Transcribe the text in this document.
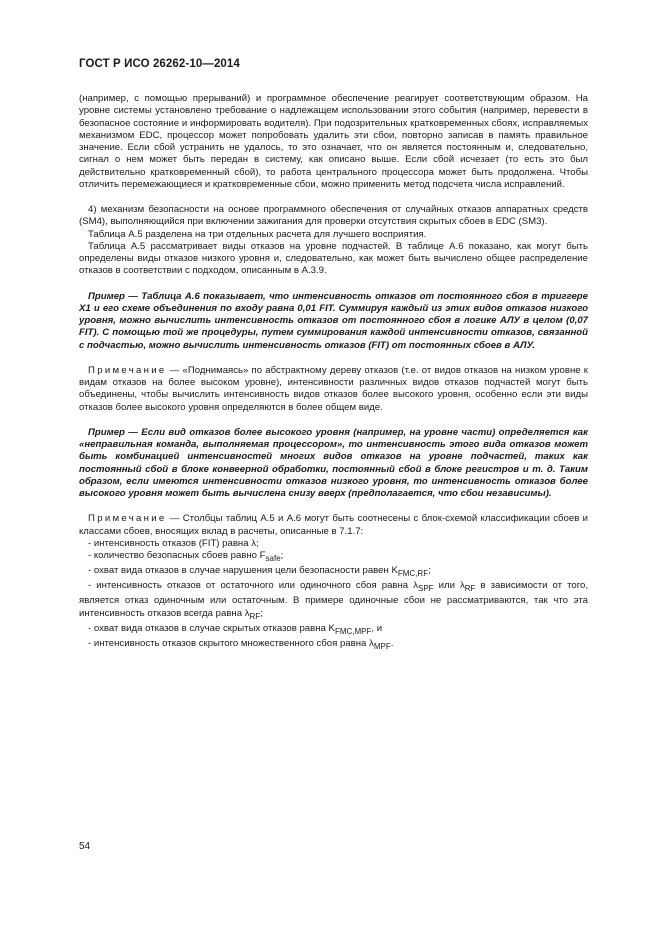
ГОСТ Р ИСО 26262-10—2014

(например, с помощью прерываний) и программное обеспечение реагирует соответствующим образом. На уровне системы установлено требование о надлежащем использовании этого события (например, перевести в безопасное состояние и информировать водителя). При подозрительных кратковременных сбоях, исправляемых механизмом EDC, процессор может попробовать удалить эти сбои, повторно записав в память правильное значение. Если сбой устранить не удалось, то это означает, что он является постоянным и, следовательно, сигнал о нем может быть передан в систему, как описано выше. Если сбой исчезает (то есть это был действительно кратковременный сбой), то работа центрального процессора может быть продолжена. Чтобы отличить перемежающиеся и кратковременные сбои, можно применить метод подсчета числа исправлений.

4) механизм безопасности на основе программного обеспечения от случайных отказов аппаратных средств (SM4), выполняющийся при включении зажигания для проверки отсутствия скрытых сбоев в EDC (SM3).

Таблица А.5 разделена на три отдельных расчета для лучшего восприятия.

Таблица А.5 рассматривает виды отказов на уровне подчастей. В таблице А.6 показано, как могут быть определены виды отказов низкого уровня и, следовательно, как может быть вычислено общее распределение отказов в соответствии с подходом, описанным в А.3.9.

Пример — Таблица А.6 показывает, что интенсивность отказов от постоянного сбоя в триггере X1 и его схеме объединения по входу равна 0,01 FIT. Суммируя каждый из этих видов отказов низкого уровня, можно вычислить интенсивность отказов от постоянного сбоя в логике АЛУ в целом (0,07 FIT). С помощью той же процедуры, путем суммирования каждой интенсивности отказов, связанной с подчастью, можно вычислить интенсивность отказов (FIT) от постоянных сбоев в АЛУ.

Примечание — «Поднимаясь» по абстрактному дереву отказов (т.е. от видов отказов на низком уровне к видам отказов на более высоком уровне), интенсивности различных видов отказов подчастей могут быть объединены, чтобы вычислить интенсивность видов отказов более высокого уровня, особенно если эти виды отказов более высокого уровня определяются в более общем виде.

Пример — Если вид отказов более высокого уровня (например, на уровне части) определяется как «неправильная команда, выполняемая процессором», то интенсивность этого вида отказов может быть комбинацией интенсивностей многих видов отказов на уровне подчастей, таких как постоянный сбой в блоке конвеерной обработки, постоянный сбой в блоке регистров и т. д. Таким образом, если имеются интенсивности отказов низкого уровня, то интенсивность отказов более высокого уровня может быть вычислена снизу вверх (предполагается, что сбои независимы).

Примечание — Столбцы таблиц А.5 и А.6 могут быть соотнесены с блок-схемой классификации сбоев и классами сбоев, вносящих вклад в расчеты, описанные в 7.1.7:

- интенсивность отказов (FIT) равна λ;

- количество безопасных сбоев равно $F_{safe}$;

- охват вида отказов в случае нарушения цели безопасности равен $K_{FMC,RF}$;

- интенсивность отказов от остаточного или одиночного сбоя равна $\lambda_{SPF}$ или $\lambda_{RF}$ в зависимости от того, является отказ одиночным или остаточным. В примере одиночные сбои не рассматриваются, так что эта интенсивность отказов всегда равна $\lambda_{RF}$;

- охват вида отказов в случае скрытых отказов равна $K_{FMC,MPF}$, и

- интенсивность отказов скрытого множественного сбоя равна $\lambda_{MPF}$.

54
